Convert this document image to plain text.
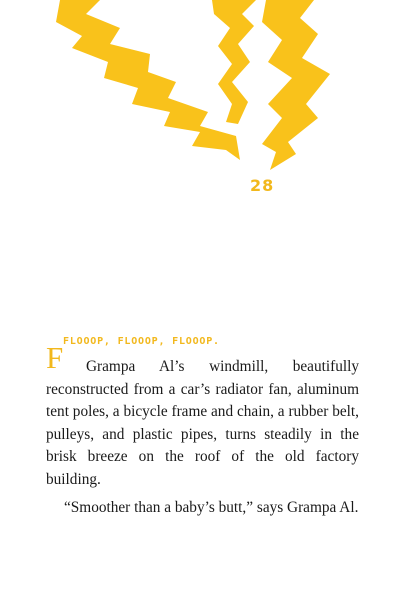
28
FLOOOP, FLOOOP, FLOOOP.
F	Grampa Al’s windmill, beautifully reconstructed from a car’s radiator fan, aluminum tent poles, a bicycle frame and chain, a rubber belt, pulleys, and plastic pipes, turns steadily in the brisk breeze on the roof of the old factory building.

“Smoother than a baby’s butt,” says Grampa Al.
